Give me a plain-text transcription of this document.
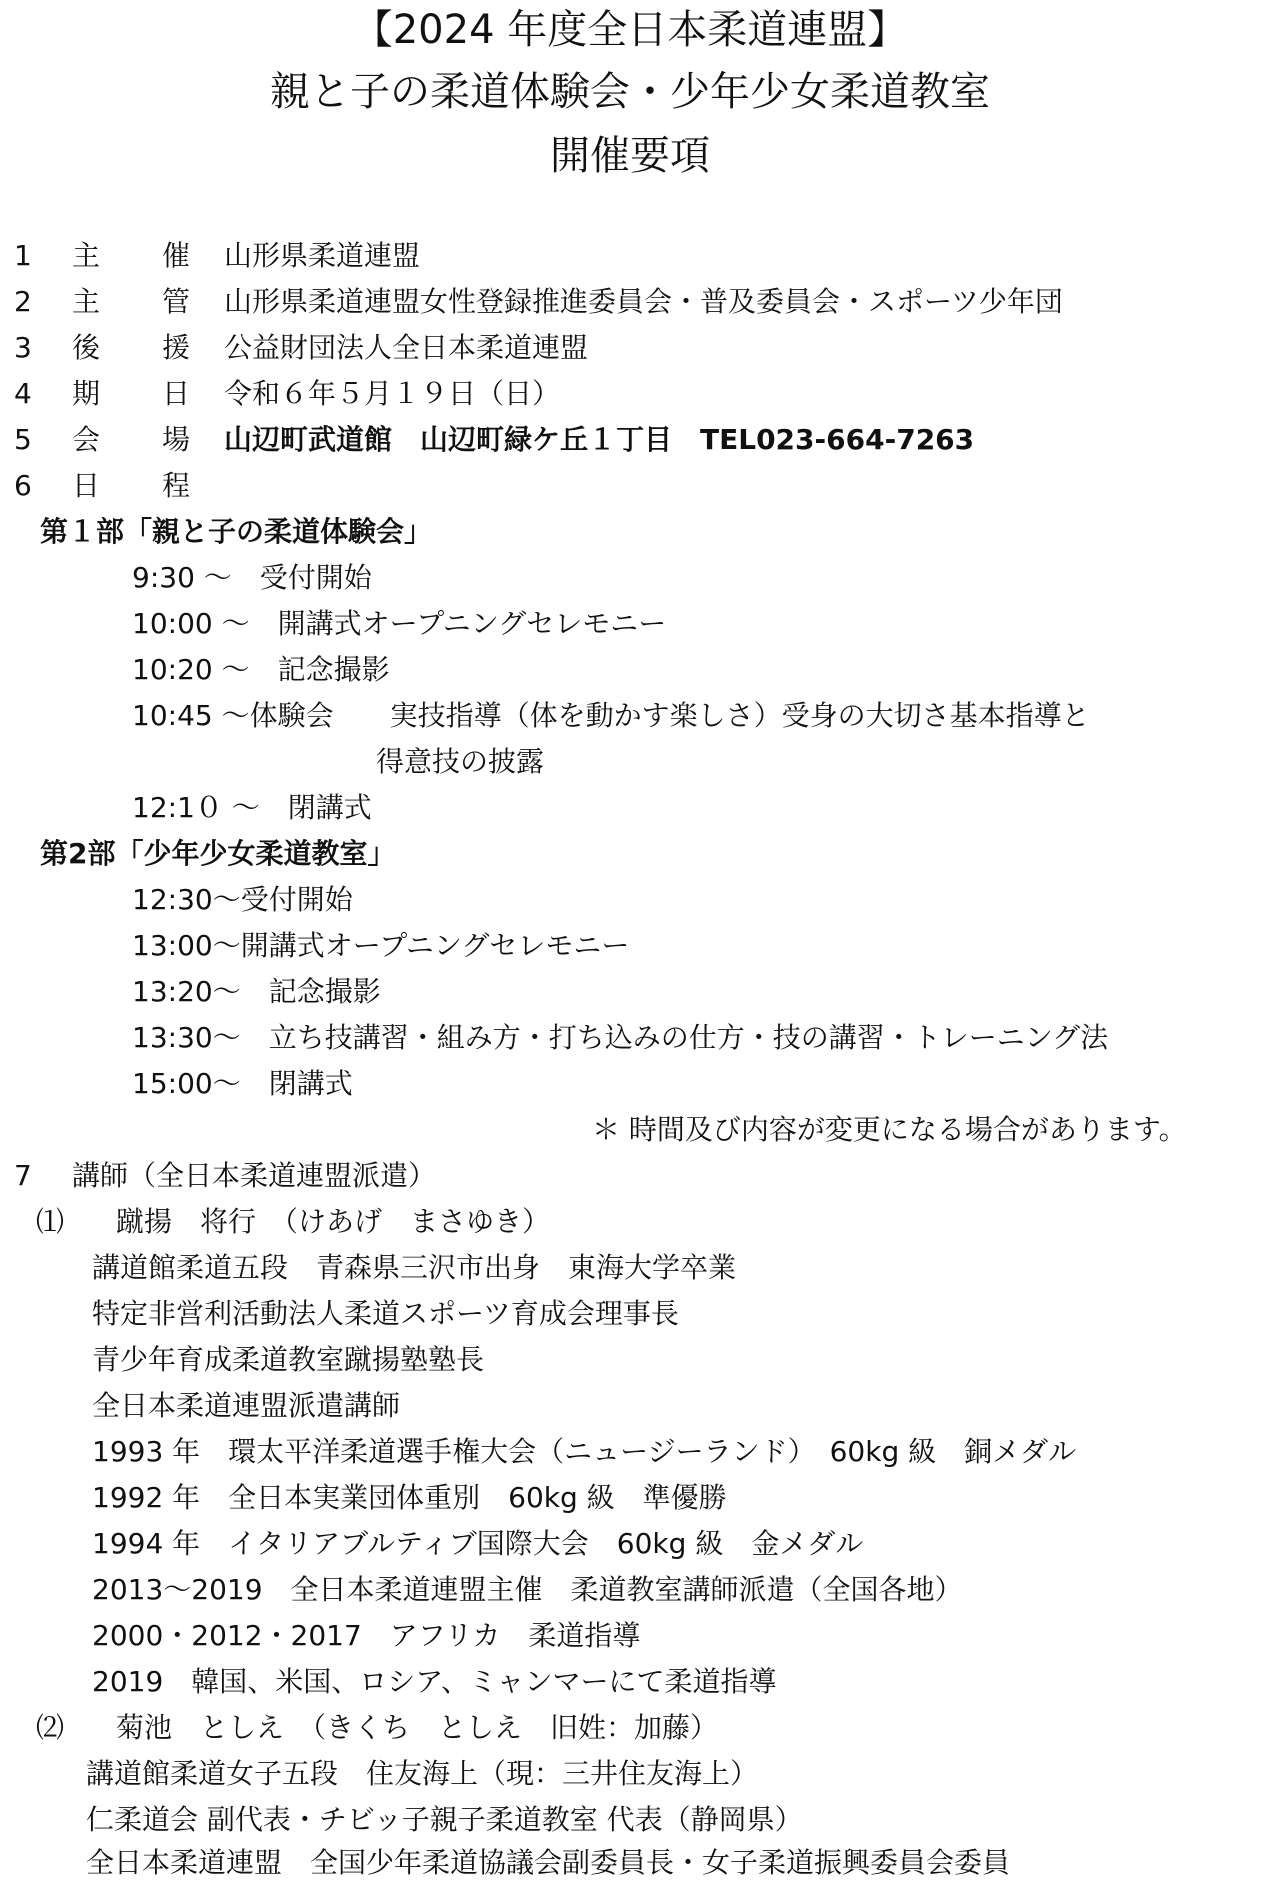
【2024 年度全日本柔道連盟】
親と子の柔道体験会・少年少女柔道教室
開催要項
1 主 催 山形県柔道連盟
2 主 管 山形県柔道連盟女性登録推進委員会・普及委員会・スポーツ少年団
3 後 援 公益財団法人全日本柔道連盟
4 期 日 令和６年５月１９日（日）
5 会 場 山辺町武道館　山辺町緑ケ丘１丁目　TEL023-664-7263
6 日 程
第１部「親と子の柔道体験会」
9:30 ～　受付開始
10:00 ～　開講式オープニングセレモニー
10:20 ～　記念撮影
10:45 ～体験会　　実技指導（体を動かす楽しさ）受身の大切さ基本指導と
得意技の披露
12:1０ ～　閉講式
第2部「少年少女柔道教室」
12:30～受付開始
13:00～開講式オープニングセレモニー
13:20～　記念撮影
13:30～　立ち技講習・組み方・打ち込みの仕方・技の講習・トレーニング法
15:00～　閉講式
＊ 時間及び内容が変更になる場合があります。
7 講師（全日本柔道連盟派遣）
⑴ 蹴揚　将行　（けあげ　まさゆき）
講道館柔道五段　青森県三沢市出身　東海大学卒業
特定非営利活動法人柔道スポーツ育成会理事長
青少年育成柔道教室蹴揚塾塾長
全日本柔道連盟派遣講師
1993 年　環太平洋柔道選手権大会（ニュージーランド）　60kg 級　銅メダル
1992 年　全日本実業団体重別　60kg 級　準優勝
1994 年　イタリアブルティブ国際大会　60kg 級　金メダル
2013～2019　全日本柔道連盟主催　柔道教室講師派遣（全国各地）
2000・2012・2017　アフリカ　柔道指導
2019　韓国、米国、ロシア、ミャンマーにて柔道指導
⑵ 菊池　としえ　（きくち　としえ　旧姓：加藤）
講道館柔道女子五段　住友海上（現：三井住友海上）
仁柔道会 副代表・チビッ子親子柔道教室 代表（静岡県）
全日本柔道連盟　全国少年柔道協議会副委員長・女子柔道振興委員会委員
